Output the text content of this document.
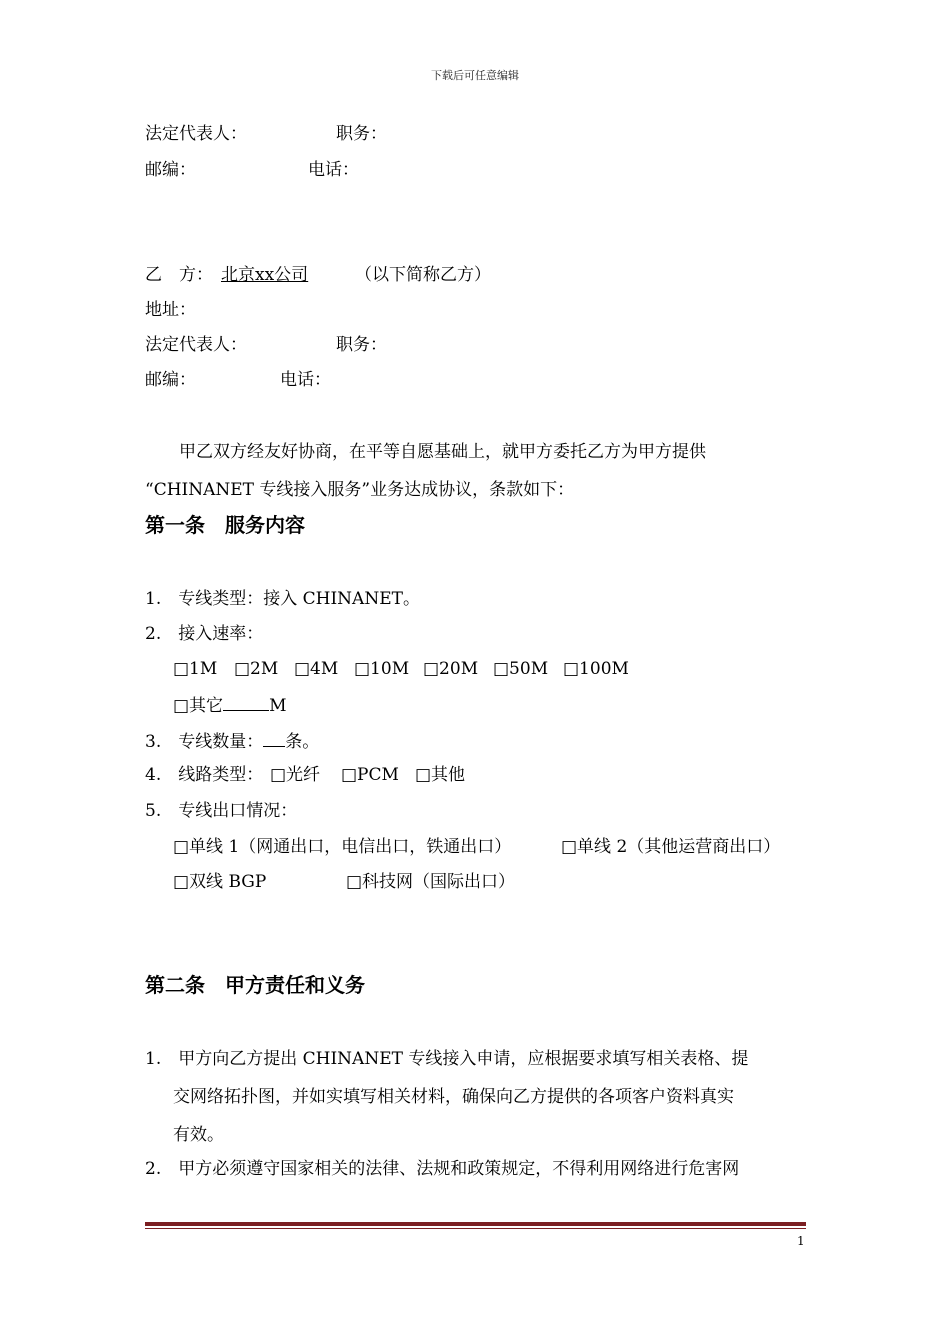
下载后可任意编辑
法定代表人：	职务：
邮编：	电话：
乙　方： 北京xx公司	（以下简称乙方）
地址：
法定代表人：	职务：
邮编：	电话：
甲乙双方经友好协商，在平等自愿基础上，就甲方委托乙方为甲方提供
“CHINANET 专线接入服务”业务达成协议，条款如下：
第一条　服务内容
1.　专线类型：接入 CHINANET。
2.　接入速率：
□1M □2M □4M □10M □20M □50M □100M
□其它	M
3.　专线数量： 条。
4.　线路类型： □光纤 □PCM □其他
5.　专线出口情况：
□单线 1（网通出口，电信出口，铁通出口）	□单线 2（其他运营商出口）
□双线 BGP	□科技网（国际出口）
第二条　甲方责任和义务
1.　甲方向乙方提出 CHINANET 专线接入申请，应根据要求填写相关表格、提
交网络拓扑图，并如实填写相关材料，确保向乙方提供的各项客户资料真实
有效。
2.　甲方必须遵守国家相关的法律、法规和政策规定，不得利用网络进行危害网
1
